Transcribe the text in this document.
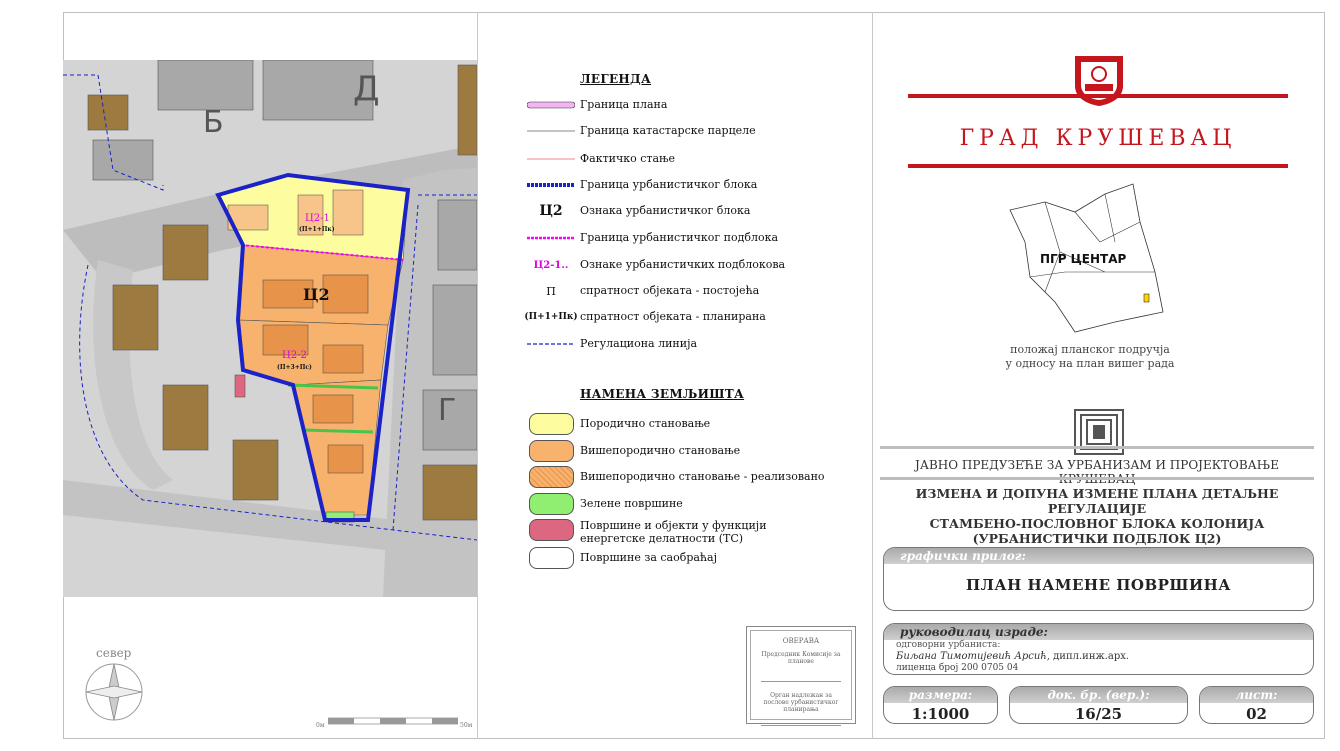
Д
Б
Г
Ц2
Ц2-1
(П+1+Пк)
Ц2-2
(П+3+Пс)
север
0м	50м
ЛЕГЕНДА
Граница плана
Граница катастарске парцеле
Фактичко стање
Граница урбанистичког блока
Ц2	Ознака урбанистичког блока
Граница урбанистичког подблока
Ц2-1..	Ознаке урбанистичких подблокова
П	спратност објеката - постојећа
(П+1+Пк) спратност објеката - планирана
Регулациона линија
НАМЕНА ЗЕМЉИШТА
Породично становање
Вишепородично становање
Вишепородично становање - реализовано
Зелене површине
Површине и објекти у функцији енергетске делатности (ТС)
Површине за саобраћај
ОВЕРАВА
Председник Комисије за планове
Орган надлежан за послове урбанистичког планирања
ГРАД КРУШЕВАЦ
ПГР ЦЕНТАР
положај планског подручја
у односу на план вишег рада
ЈАВНО ПРЕДУЗЕЋЕ ЗА УРБАНИЗАМ И ПРОЈЕКТОВАЊЕ
ИЗМЕНА И ДОПУНА ИЗМЕНЕ ПЛАНА ДЕТАЉНЕ РЕГУЛАЦИЈЕ
СТАМБЕНО-ПОСЛОВНОГ БЛОКА КОЛОНИЈА
(УРБАНИСТИЧКИ ПОДБЛОК Ц2)
графички прилог:
ПЛАН НАМЕНЕ ПОВРШИНА
руководилац израде:
одговорни урбаниста:
Биљана Тимотијевић Арсић, дипл.инж.арх.
лиценца број 200 0705 04
размера:
1:1000
док. бр. (вер.):
16/25
лист:
02
